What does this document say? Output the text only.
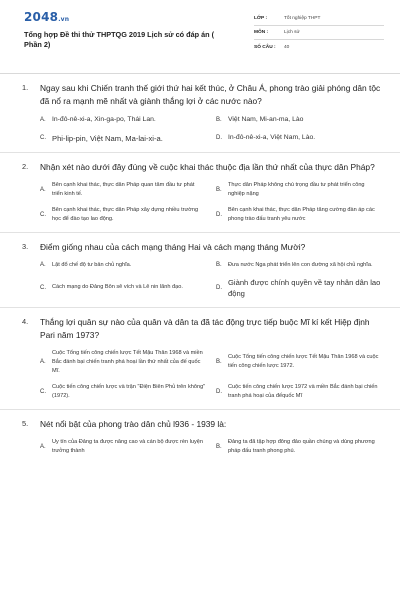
2048.vn
Tổng hợp Đề thi thử THPTQG 2019 Lịch sử có đáp án ( Phần 2)
LỚP :	Tốt nghiệp THPT
MÔN :	Lịch sử
SỐ CÂU :	40
1.	Ngay sau khi Chiến tranh thế giới thứ hai kết thúc, ở Châu Á, phong trào giải phóng dân tộc đã nổ ra mạnh mẽ nhất và giành thắng lợi ở các nước nào?
A. In-đô-nê-xi-a, Xin-ga-po, Thái Lan.	B. Việt Nam, Mi-an-ma, Lào
C. Phi-lip-pin, Việt Nam, Ma-lai-xi-a.	D. In-đô-nê-xi-a, Việt Nam, Lào.
2.	Nhận xét nào dưới đây đúng về cuộc khai thác thuộc địa lần thứ nhất của thực dân Pháp?
A.
Bên cạnh khai thác, thực dân Pháp quan tâm đầu tư phát triển kinh tế.
B.
Thực dân Pháp không chú trọng đầu tư phát triển công nghiệp nặng
C.
Bên cạnh khai thác, thực dân Pháp xây dựng nhiều trường học để đào tạo lao động.
D.
Bên cạnh khai thác, thực dân Pháp tăng cường đàn áp các phong trào đấu tranh yêu nước
3.	Điểm giống nhau của cách mạng tháng Hai và cách mạng tháng Mười?
A.	Lật đổ chế độ tư bản chủ nghĩa.	B.	Đưa nước Nga phát triển lên con đường xã hội chủ nghĩa.
C.	Cách mạng do Đảng Bôn sê vích và Lê nin lãnh đạo.	D.
Giành được chính quyền về tay nhân dân lao động
4.	Thắng lợi quân sự nào của quân và dân ta đã tác động trực tiếp buộc Mĩ kí kết Hiệp định Pari năm 1973?
A.
Cuộc Tổng tiến công chiến lược Tết Mậu Thân 1968 và miền Bắc đánh bại chiến tranh phá hoại lần thứ nhất của đế quốc Mĩ.
B.
Cuộc Tổng tiến công chiến lược Tết Mậu Thân 1968 và cuộc tiến công chiến lược 1972.
C.
Cuộc tiến công chiến lược và trận "Điện Biên Phủ trên không" (1972).
D.
Cuộc tiến công chiến lược 1972 và miền Bắc đánh bại chiến tranh phá hoại của đếquốc Mĩ
5.	Nét nổi bật của phong trào dân chủ l936 - 1939 là:
A.
Uy tín của Đảng ta được nâng cao và cán bộ được rèn luyện trưởng thành
B.
Đảng ta đã tập hợp đông đảo quần chúng và dùng phương pháp đấu tranh phong phú.
